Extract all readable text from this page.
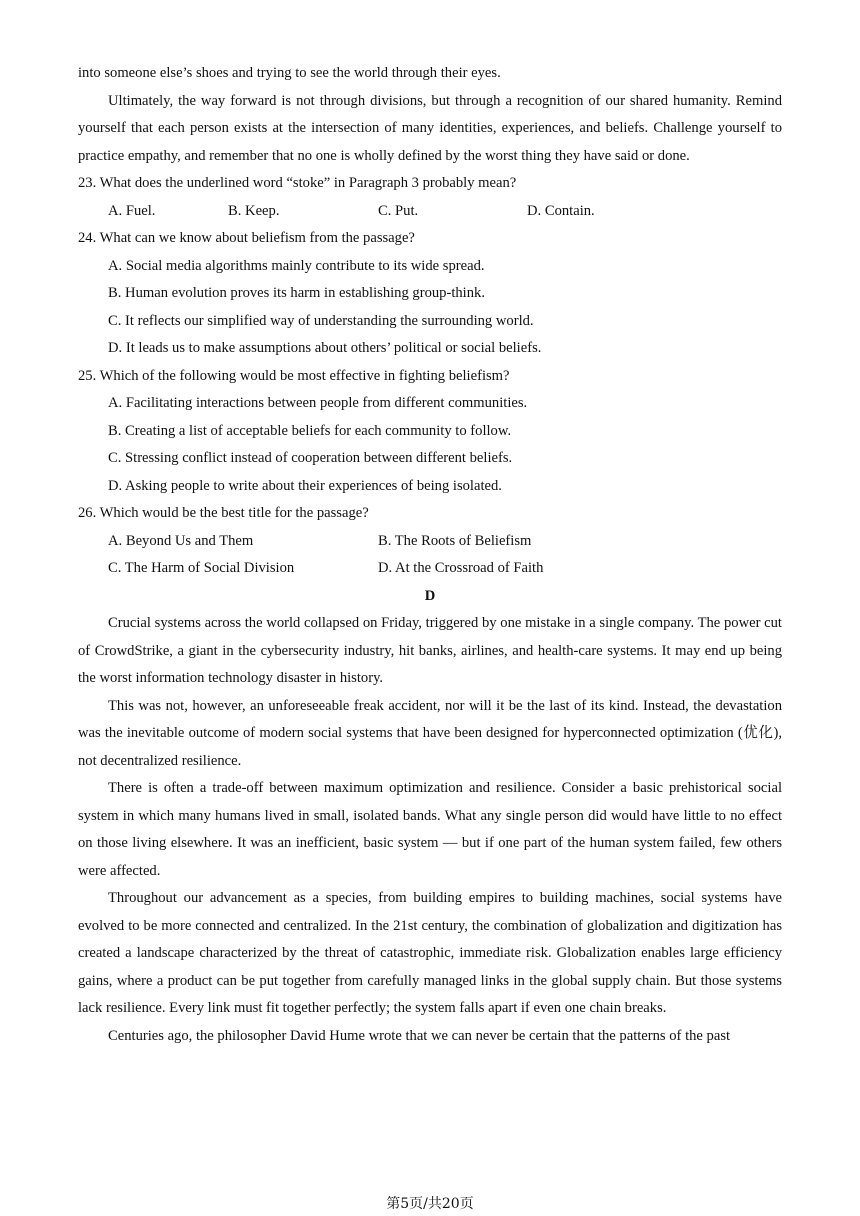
into someone else’s shoes and trying to see the world through their eyes.

Ultimately, the way forward is not through divisions, but through a recognition of our shared humanity. Remind yourself that each person exists at the intersection of many identities, experiences, and beliefs. Challenge yourself to practice empathy, and remember that no one is wholly defined by the worst thing they have said or done.

23. What does the underlined word “stoke” in Paragraph 3 probably mean?

A. Fuel.	B. Keep.	C. Put.	D. Contain.

24. What can we know about beliefism from the passage?

A. Social media algorithms mainly contribute to its wide spread.

B. Human evolution proves its harm in establishing group-think.

C. It reflects our simplified way of understanding the surrounding world.

D. It leads us to make assumptions about others’ political or social beliefs.

25. Which of the following would be most effective in fighting beliefism?

A. Facilitating interactions between people from different communities.

B. Creating a list of acceptable beliefs for each community to follow.

C. Stressing conflict instead of cooperation between different beliefs.

D. Asking people to write about their experiences of being isolated.

26. Which would be the best title for the passage?

A. Beyond Us and Them	B. The Roots of Beliefism
C. The Harm of Social Division	D. At the Crossroad of Faith

D

Crucial systems across the world collapsed on Friday, triggered by one mistake in a single company. The power cut of CrowdStrike, a giant in the cybersecurity industry, hit banks, airlines, and health-care systems. It may end up being the worst information technology disaster in history.

This was not, however, an unforeseeable freak accident, nor will it be the last of its kind. Instead, the devastation was the inevitable outcome of modern social systems that have been designed for hyperconnected optimization (优化), not decentralized resilience.

There is often a trade-off between maximum optimization and resilience. Consider a basic prehistorical social system in which many humans lived in small, isolated bands. What any single person did would have little to no effect on those living elsewhere. It was an inefficient, basic system — but if one part of the human system failed, few others were affected.

Throughout our advancement as a species, from building empires to building machines, social systems have evolved to be more connected and centralized. In the 21st century, the combination of globalization and digitization has created a landscape characterized by the threat of catastrophic, immediate risk. Globalization enables large efficiency gains, where a product can be put together from carefully managed links in the global supply chain. But those systems lack resilience. Every link must fit together perfectly; the system falls apart if even one chain breaks.

Centuries ago, the philosopher David Hume wrote that we can never be certain that the patterns of the past

第5页/共20页
